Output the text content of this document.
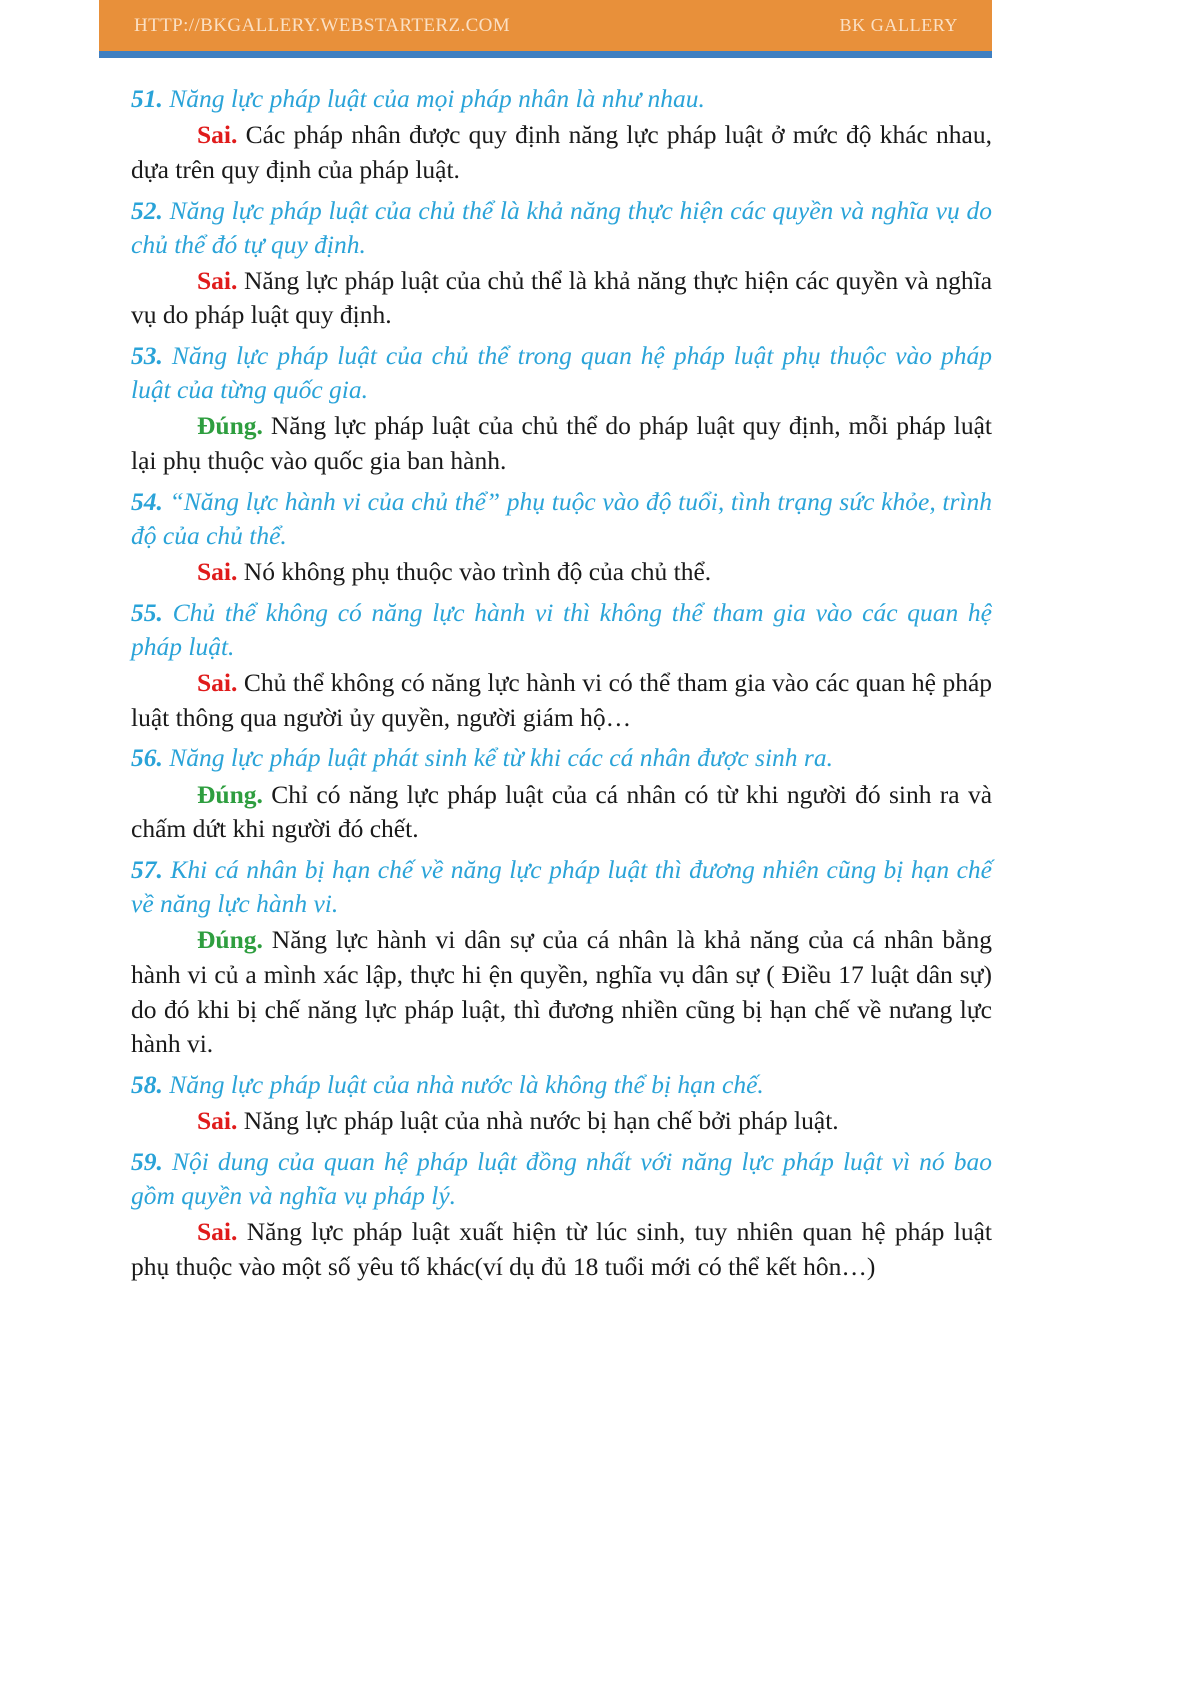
HTTP://BKGALLERY.WEBSTARTERZ.COM	BK GALLERY

51. Năng lực pháp luật của mọi pháp nhân là như nhau.

Sai. Các pháp nhân được quy định năng lực pháp luật ở mức độ khác nhau, dựa trên quy định của pháp luật.

52. Năng lực pháp luật của chủ thể là khả năng thực hiện các quyền và nghĩa vụ do chủ thể đó tự quy định.

Sai. Năng lực pháp luật của chủ thể là khả năng thực hiện các quyền và nghĩa vụ do pháp luật quy định.

53. Năng lực pháp luật của chủ thể trong quan hệ pháp luật phụ thuộc vào pháp luật của từng quốc gia.

Đúng. Năng lực pháp luật của chủ thể do pháp luật quy định, mỗi pháp luật lại phụ thuộc vào quốc gia ban hành.

54. “Năng lực hành vi của chủ thể” phụ tuộc vào độ tuổi, tình trạng sức khỏe, trình độ của chủ thể.

Sai. Nó không phụ thuộc vào trình độ của chủ thể.

55. Chủ thể không có năng lực hành vi thì không thể tham gia vào các quan hệ pháp luật.

Sai. Chủ thể không có năng lực hành vi có thể tham gia vào các quan hệ pháp luật thông qua người ủy quyền, người giám hộ…

56. Năng lực pháp luật phát sinh kể từ khi các cá nhân được sinh ra.

Đúng. Chỉ có năng lực pháp luật của cá nhân có từ khi người đó sinh ra và chấm dứt khi người đó chết.

57. Khi cá nhân bị hạn chế về năng lực pháp luật thì đương nhiên cũng bị hạn chế về năng lực hành vi.

Đúng. Năng lực hành vi dân sự của cá nhân là khả năng của cá nhân bằng hành vi củ a mình xác lập, thực hi ện quyền, nghĩa vụ dân sự ( Điều 17 luật dân sự) do đó khi bị chế năng lực pháp luật, thì đương nhiền cũng bị hạn chế về nưang lực hành vi.

58. Năng lực pháp luật của nhà nước là không thể bị hạn chế.

Sai. Năng lực pháp luật của nhà nước bị hạn chế bởi pháp luật.

59. Nội dung của quan hệ pháp luật đồng nhất với năng lực pháp luật vì nó bao gồm quyền và nghĩa vụ pháp lý.

Sai. Năng lực pháp luật xuất hiện từ lúc sinh, tuy nhiên quan hệ pháp luật phụ thuộc vào một số yêu tố khác(ví dụ đủ 18 tuổi mới có thể kết hôn…)
